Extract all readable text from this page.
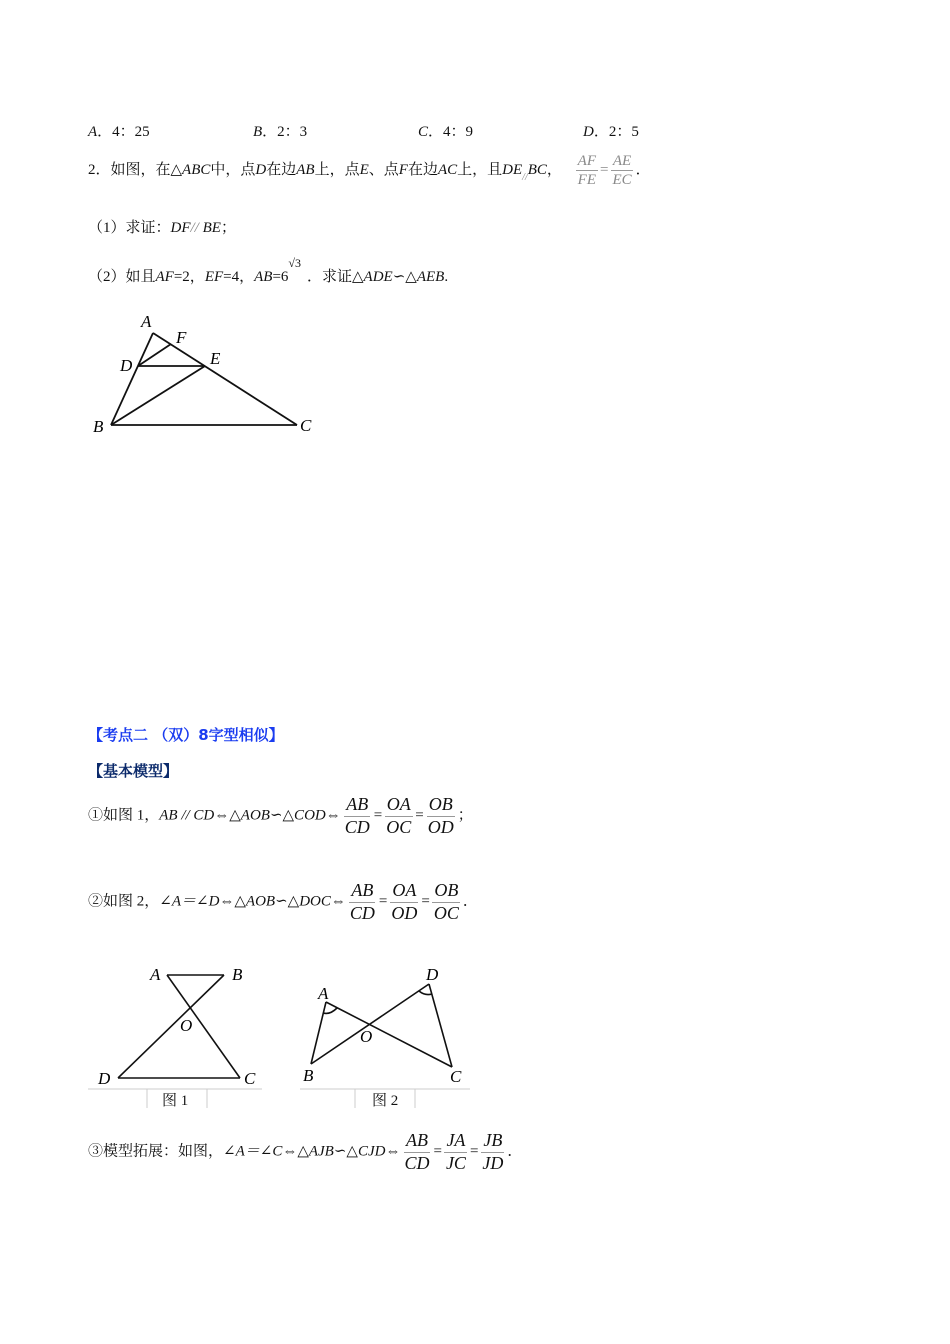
A．4：25	B．2：3	C．4：9	D．2：5
2．如图，在△ABC中，点D在边AB上，点E、点F在边AC上，且$DE_{//}BC$， $\frac{AF}{FE} = \frac{AE}{EC}$ ．
（1）求证：DF// BE；
（2）如且AF=2，EF=4，$AB=6^{√3}$．求证△ADE∽△AEB.
A
F
D	E
B	C
A	B
O
D	C
A
D
O
B	C
图 1	图 2
【考点二 （双）8字型相似】
【基本模型】
①如图 1，AB // CD⇔△AOB∽△COD⇔ $\frac{AB}{CD} = \frac{OA}{OC} = \frac{OB}{OD}$ ；
②如图 2，∠A＝∠D⇔△AOB∽△DOC⇔ $\frac{AB}{CD} = \frac{OA}{OD} = \frac{OB}{OC}$ ．
③模型拓展：如图，∠A＝∠C⇔△AJB∽△CJD⇔ $\frac{AB}{CD} = \frac{JA}{JC} = \frac{JB}{JD}$ ．
